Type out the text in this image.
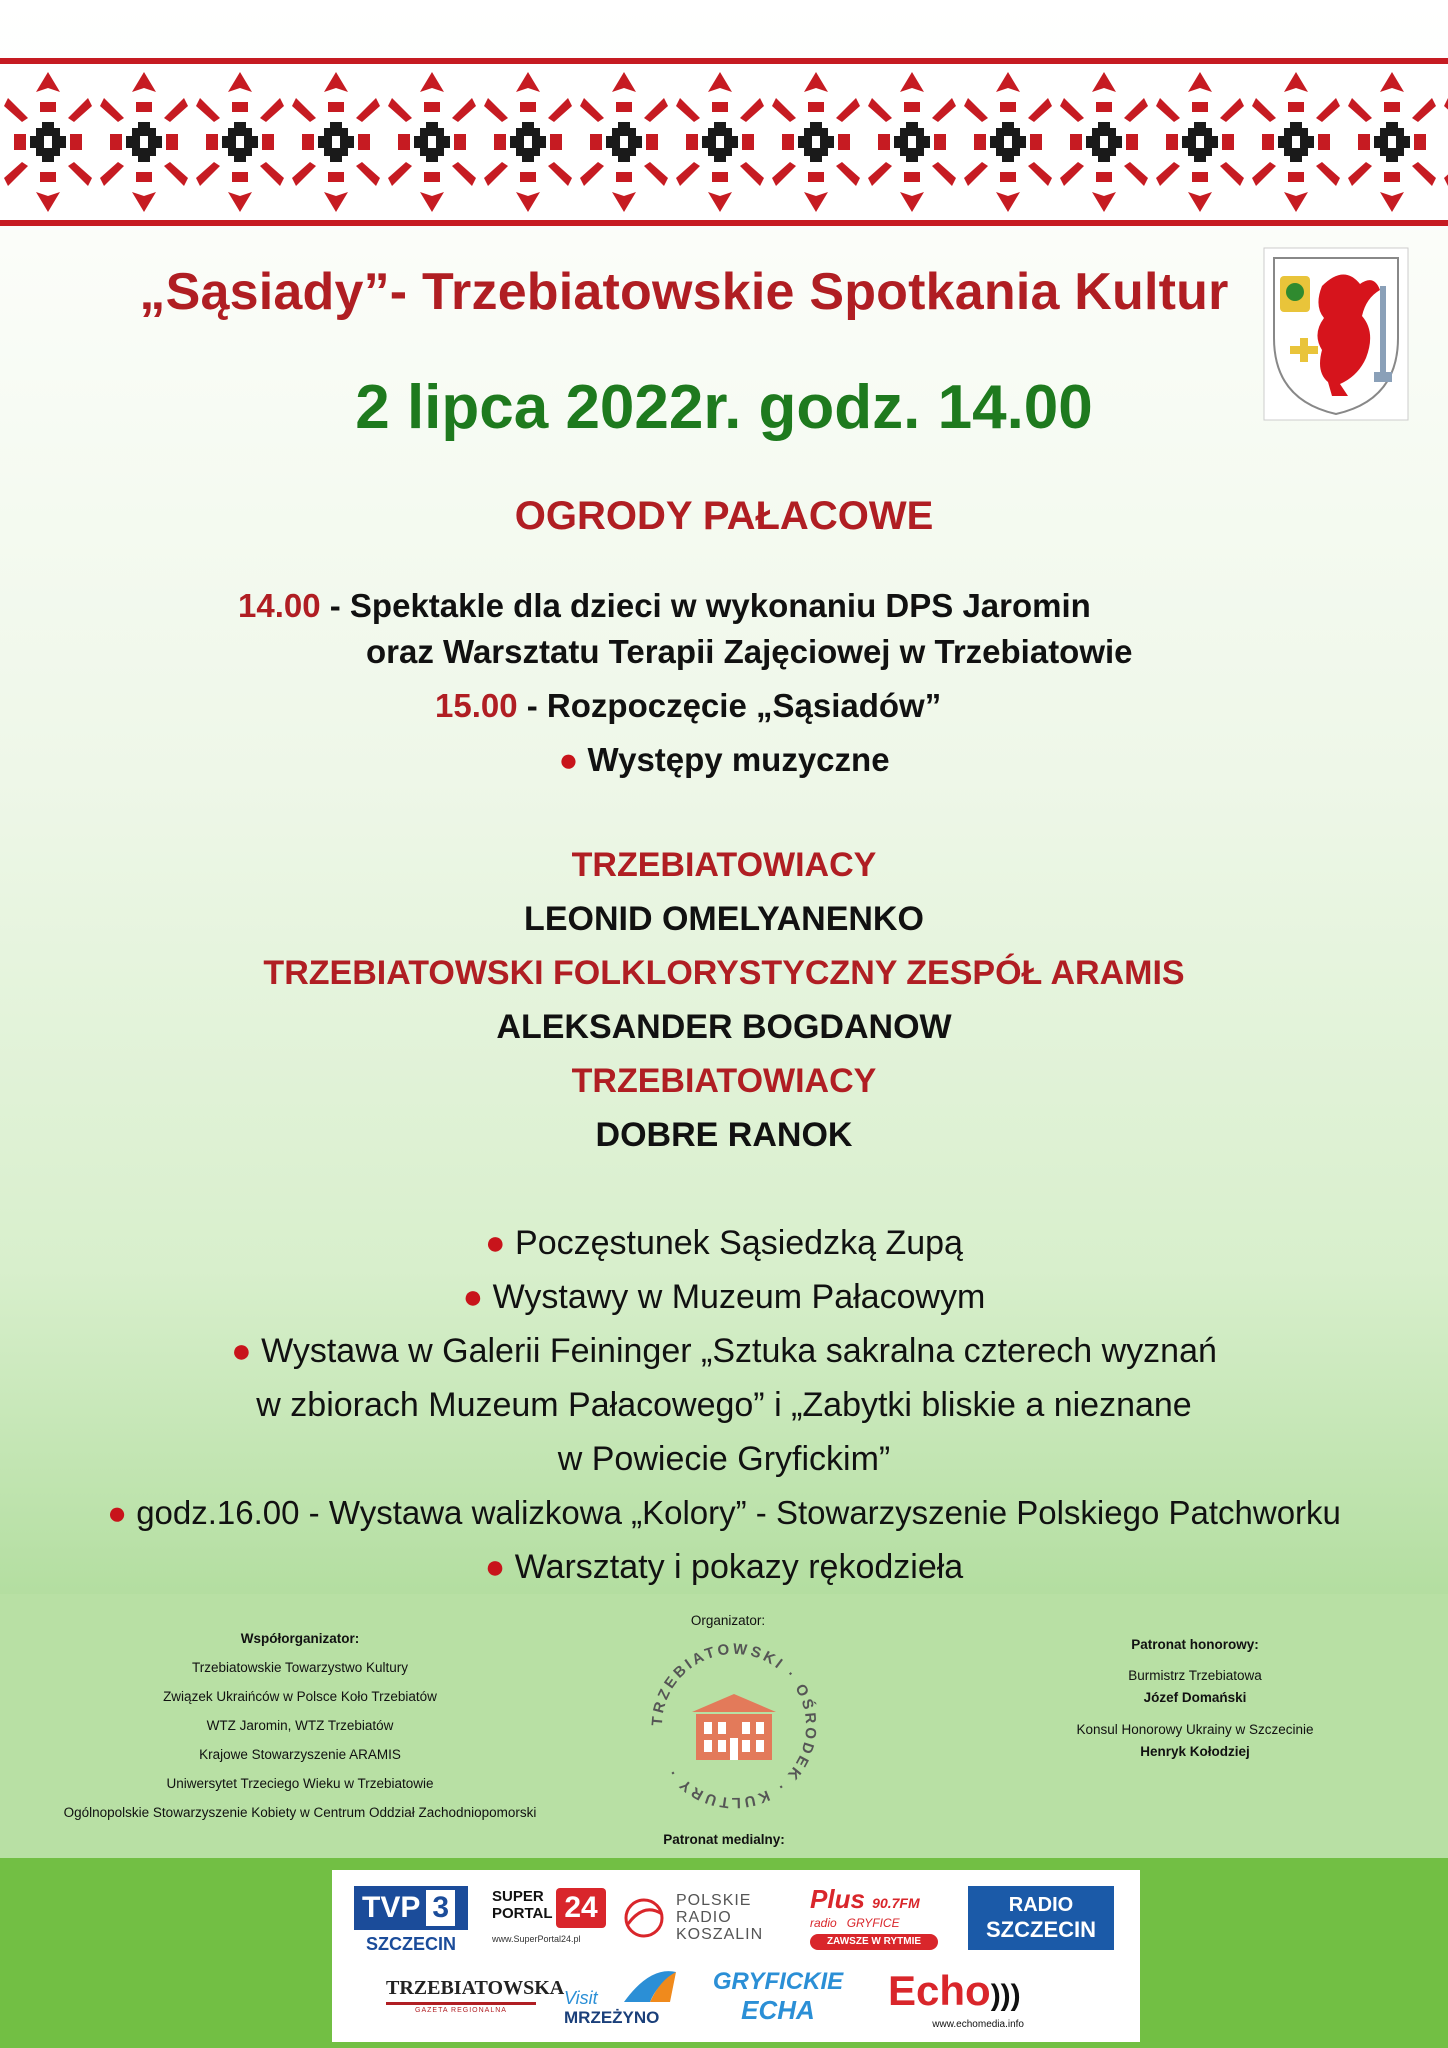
„Sąsiady”- Trzebiatowskie Spotkania Kultur
2 lipca 2022r. godz. 14.00
OGRODY PAŁACOWE
14.00 - Spektakle dla dzieci w wykonaniu DPS Jaromin
oraz Warsztatu Terapii Zajęciowej w Trzebiatowie
15.00 - Rozpoczęcie „Sąsiadów”
● Występy muzyczne
TRZEBIATOWIACY
LEONID OMELYANENKO
TRZEBIATOWSKI FOLKLORYSTYCZNY ZESPÓŁ ARAMIS
ALEKSANDER BOGDANOW
TRZEBIATOWIACY
DOBRE RANOK
● Poczęstunek Sąsiedzką Zupą
● Wystawy w Muzeum Pałacowym
● Wystawa w Galerii Feininger „Sztuka sakralna czterech wyznań
w zbiorach Muzeum Pałacowego” i „Zabytki bliskie a nieznane
w Powiecie Gryfickim”
● godz.16.00 - Wystawa walizkowa „Kolory” - Stowarzyszenie Polskiego Patchworku
● Warsztaty i pokazy rękodzieła
Współorganizator:
Trzebiatowskie Towarzystwo Kultury
Związek Ukraińców w Polsce Koło Trzebiatów
WTZ Jaromin, WTZ Trzebiatów
Krajowe Stowarzyszenie ARAMIS
Uniwersytet Trzeciego Wieku w Trzebiatowie
Ogólnopolskie Stowarzyszenie Kobiety w Centrum Oddział Zachodniopomorski
Organizator:
TRZEBIATOWSKI · OŚRODEK · KULTURY ·
Patronat honorowy:
Burmistrz Trzebiatowa
Józef Domański
Konsul Honorowy Ukrainy w Szczecinie
Henryk Kołodziej
Patronat medialny:
TVP 3
SZCZECIN
SUPER
PORTAL 24
www.SuperPortal24.pl
POLSKIE
RADIO
KOSZALIN
Plus 90.7FM
radio GRYFICE
ZAWSZE W RYTMIE
RADIO
SZCZECIN
TRZEBIATOWSKA
GAZETA REGIONALNA
Visit
MRZEŻYNO
GRYFICKIE
ECHA	Echo)))
www.echomedia.info
